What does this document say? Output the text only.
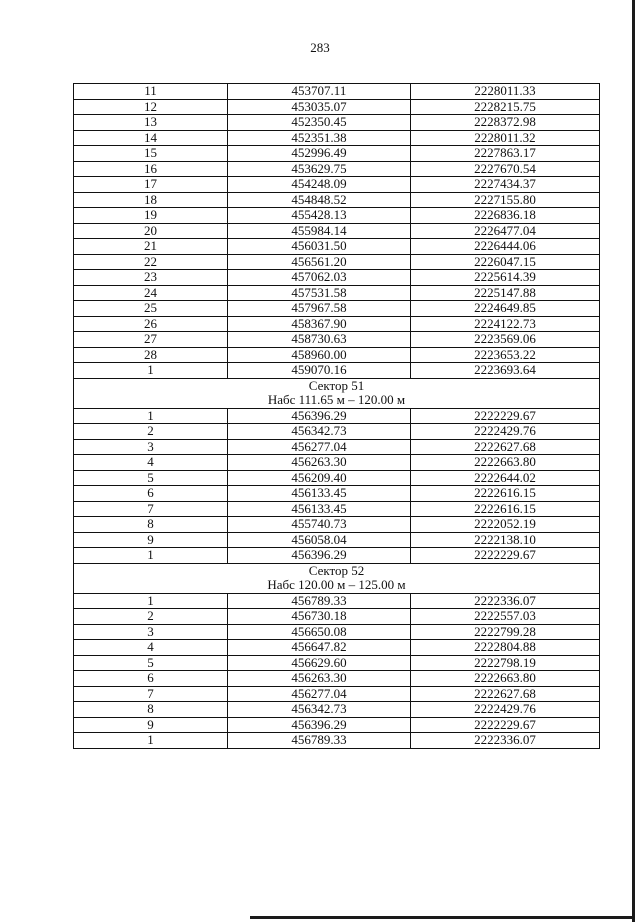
283
11	453707.11	2228011.33
12	453035.07	2228215.75
13	452350.45	2228372.98
14	452351.38	2228011.32
15	452996.49	2227863.17
16	453629.75	2227670.54
17	454248.09	2227434.37
18	454848.52	2227155.80
19	455428.13	2226836.18
20	455984.14	2226477.04
21	456031.50	2226444.06
22	456561.20	2226047.15
23	457062.03	2225614.39
24	457531.58	2225147.88
25	457967.58	2224649.85
26	458367.90	2224122.73
27	458730.63	2223569.06
28	458960.00	2223653.22
1	459070.16	2223693.64

Сектор 51
Набс 111.65 м – 120.00 м		

1	456396.29	2222229.67
2	456342.73	2222429.76
3	456277.04	2222627.68
4	456263.30	2222663.80
5	456209.40	2222644.02
6	456133.45	2222616.15
7	456133.45	2222616.15
8	455740.73	2222052.19
9	456058.04	2222138.10
1	456396.29	2222229.67

Сектор 52
Набс 120.00 м – 125.00 м		

1	456789.33	2222336.07
2	456730.18	2222557.03
3	456650.08	2222799.28
4	456647.82	2222804.88
5	456629.60	2222798.19
6	456263.30	2222663.80
7	456277.04	2222627.68
8	456342.73	2222429.76
9	456396.29	2222229.67
1	456789.33	2222336.07
